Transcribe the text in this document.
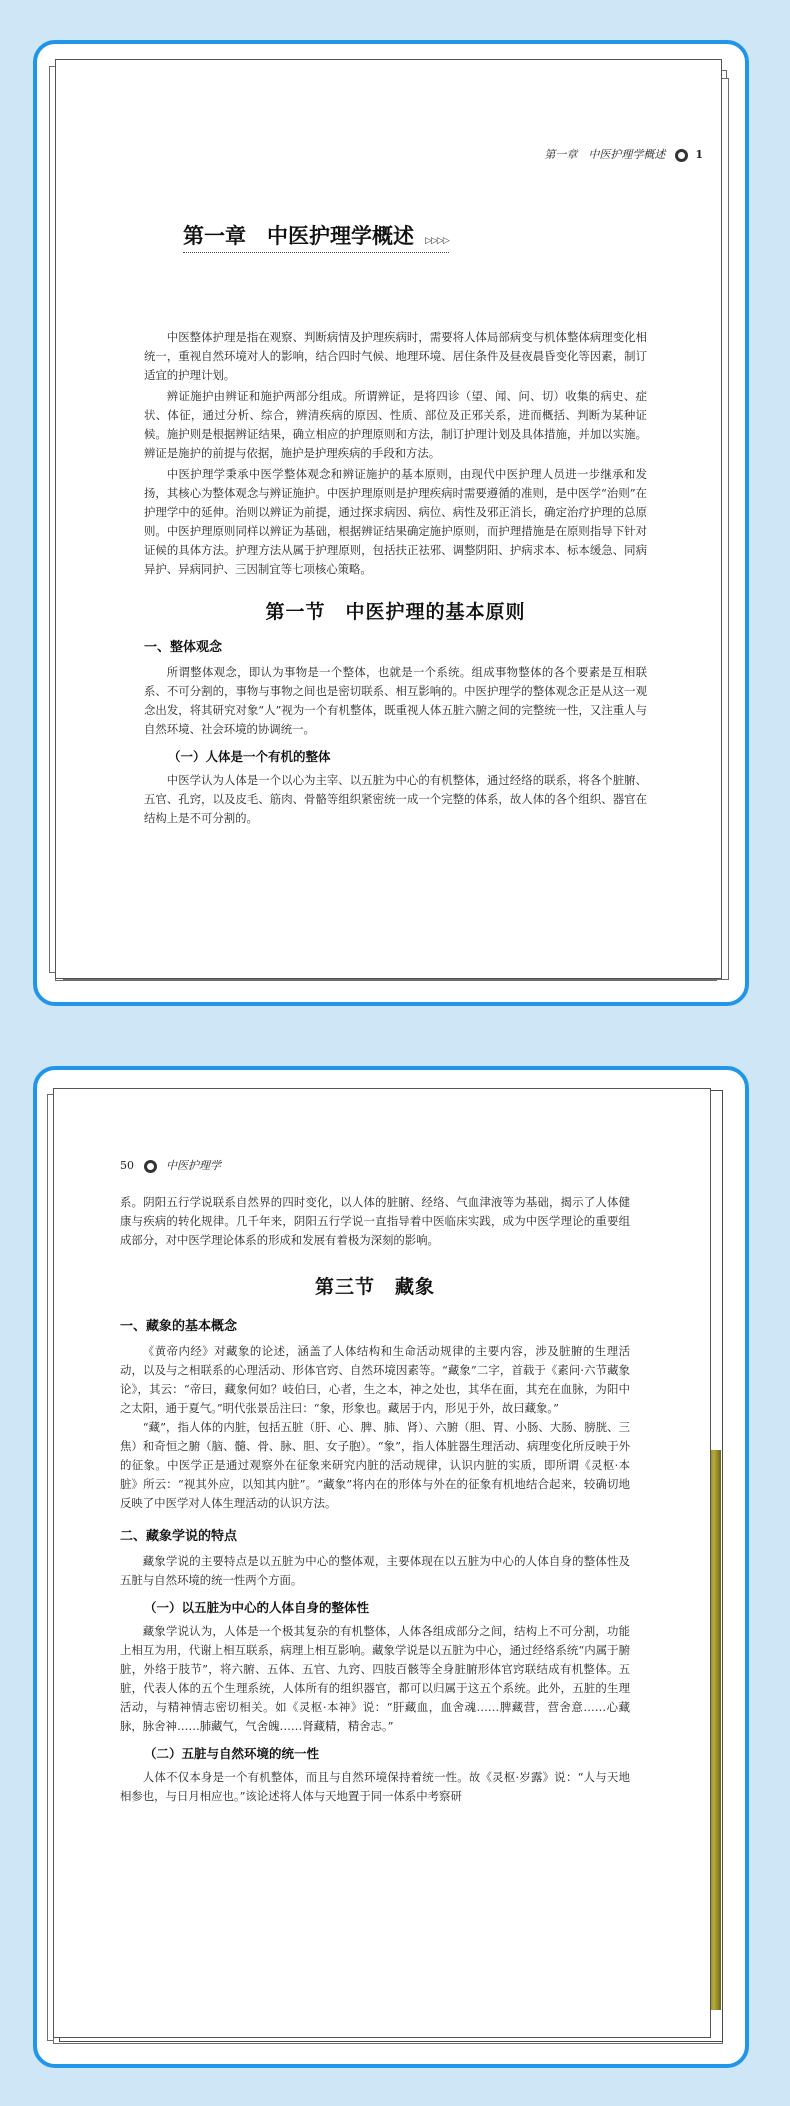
第一章　中医护理学概述	1
第一章　中医护理学概述 ▷▷▷▷

中医整体护理是指在观察、判断病情及护理疾病时，需要将人体局部病变与机体整体病理变化相统一，重视自然环境对人的影响，结合四时气候、地理环境、居住条件及昼夜晨昏变化等因素，制订适宜的护理计划。

辨证施护由辨证和施护两部分组成。所谓辨证，是将四诊（望、闻、问、切）收集的病史、症状、体征，通过分析、综合，辨清疾病的原因、性质、部位及正邪关系，进而概括、判断为某种证候。施护则是根据辨证结果，确立相应的护理原则和方法，制订护理计划及具体措施，并加以实施。辨证是施护的前提与依据，施护是护理疾病的手段和方法。

中医护理学秉承中医学整体观念和辨证施护的基本原则，由现代中医护理人员进一步继承和发扬，其核心为整体观念与辨证施护。中医护理原则是护理疾病时需要遵循的准则，是中医学“治则”在护理学中的延伸。治则以辨证为前提，通过探求病因、病位、病性及邪正消长，确定治疗护理的总原则。中医护理原则同样以辨证为基础，根据辨证结果确定施护原则，而护理措施是在原则指导下针对证候的具体方法。护理方法从属于护理原则，包括扶正祛邪、调整阴阳、护病求本、标本缓急、同病异护、异病同护、三因制宜等七项核心策略。

第一节　中医护理的基本原则
一、整体观念

所谓整体观念，即认为事物是一个整体，也就是一个系统。组成事物整体的各个要素是互相联系、不可分割的，事物与事物之间也是密切联系、相互影响的。中医护理学的整体观念正是从这一观念出发，将其研究对象“人”视为一个有机整体，既重视人体五脏六腑之间的完整统一性，又注重人与自然环境、社会环境的协调统一。

（一）人体是一个有机的整体

中医学认为人体是一个以心为主宰、以五脏为中心的有机整体，通过经络的联系，将各个脏腑、五官、孔窍，以及皮毛、筋肉、骨骼等组织紧密统一成一个完整的体系，故人体的各个组织、器官在结构上是不可分割的。

50	中医护理学

系。阴阳五行学说联系自然界的四时变化，以人体的脏腑、经络、气血津液等为基础，揭示了人体健康与疾病的转化规律。几千年来，阴阳五行学说一直指导着中医临床实践，成为中医学理论的重要组成部分，对中医学理论体系的形成和发展有着极为深刻的影响。

第三节　藏象
一、藏象的基本概念

《黄帝内经》对藏象的论述，涵盖了人体结构和生命活动规律的主要内容，涉及脏腑的生理活动，以及与之相联系的心理活动、形体官窍、自然环境因素等。“藏象”二字，首载于《素问·六节藏象论》，其云：“帝曰，藏象何如？岐伯曰，心者，生之本，神之处也，其华在面，其充在血脉，为阳中之太阳，通于夏气。”明代张景岳注曰：“象，形象也。藏居于内，形见于外，故曰藏象。”

“藏”，指人体的内脏，包括五脏（肝、心、脾、肺、肾）、六腑（胆、胃、小肠、大肠、膀胱、三焦）和奇恒之腑（脑、髓、骨、脉、胆、女子胞）。“象”，指人体脏器生理活动、病理变化所反映于外的征象。中医学正是通过观察外在征象来研究内脏的活动规律，认识内脏的实质，即所谓《灵枢·本脏》所云：“视其外应，以知其内脏”。“藏象”将内在的形体与外在的征象有机地结合起来，较确切地反映了中医学对人体生理活动的认识方法。

二、藏象学说的特点

藏象学说的主要特点是以五脏为中心的整体观，主要体现在以五脏为中心的人体自身的整体性及五脏与自然环境的统一性两个方面。

（一）以五脏为中心的人体自身的整体性

藏象学说认为，人体是一个极其复杂的有机整体，人体各组成部分之间，结构上不可分割，功能上相互为用，代谢上相互联系，病理上相互影响。藏象学说是以五脏为中心，通过经络系统“内属于腑脏，外络于肢节”，将六腑、五体、五官、九窍、四肢百骸等全身脏腑形体官窍联结成有机整体。五脏，代表人体的五个生理系统，人体所有的组织器官，都可以归属于这五个系统。此外，五脏的生理活动，与精神情志密切相关。如《灵枢·本神》说：“肝藏血，血舍魂……脾藏营，营舍意……心藏脉，脉舍神……肺藏气，气舍魄……肾藏精，精舍志。”

（二）五脏与自然环境的统一性

人体不仅本身是一个有机整体，而且与自然环境保持着统一性。故《灵枢·岁露》说：“人与天地相参也，与日月相应也。”该论述将人体与天地置于同一体系中考察研
